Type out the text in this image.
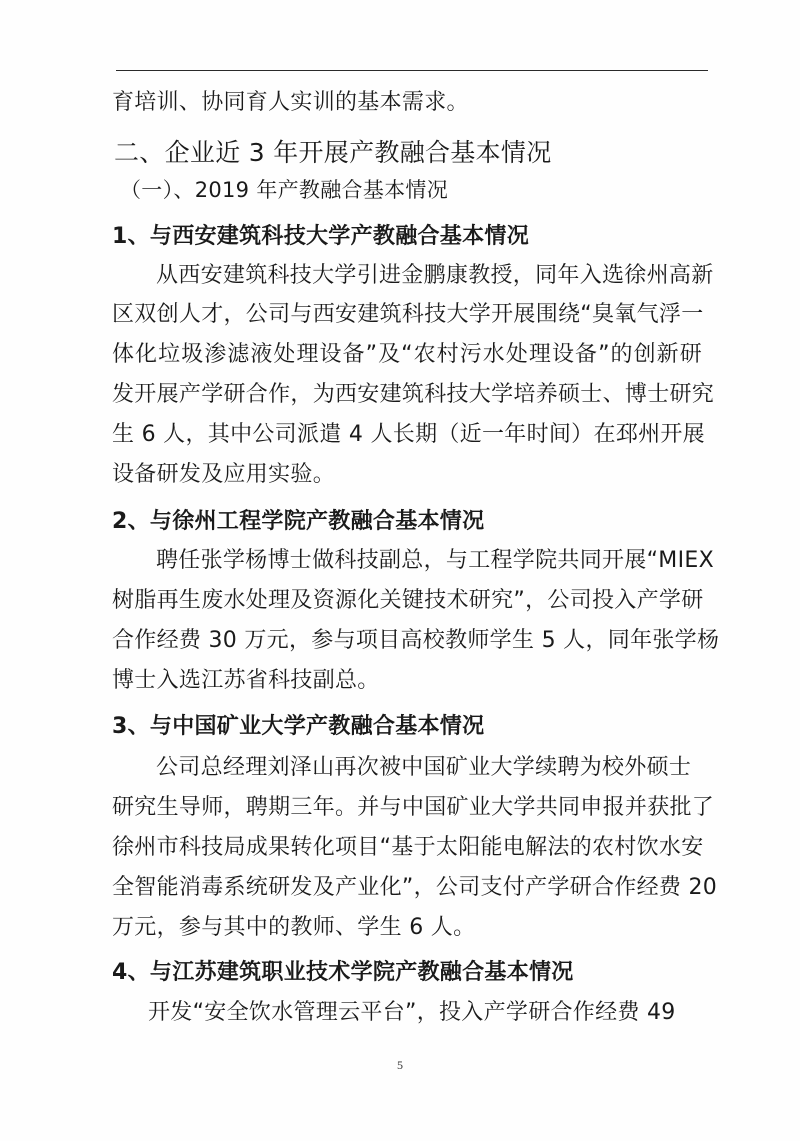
育培训、协同育人实训的基本需求。
二、企业近 3 年开展产教融合基本情况
（一）、2019 年产教融合基本情况
1、与西安建筑科技大学产教融合基本情况
从西安建筑科技大学引进金鹏康教授，同年入选徐州高新
区双创人才，公司与西安建筑科技大学开展围绕“臭氧气浮一
体化垃圾渗滤液处理设备”及“农村污水处理设备”的创新研
发开展产学研合作，为西安建筑科技大学培养硕士、博士研究
生 6 人，其中公司派遣 4 人长期（近一年时间）在邳州开展
设备研发及应用实验。
2、与徐州工程学院产教融合基本情况
聘任张学杨博士做科技副总，与工程学院共同开展“MIEX
树脂再生废水处理及资源化关键技术研究”，公司投入产学研
合作经费 30 万元，参与项目高校教师学生 5 人，同年张学杨
博士入选江苏省科技副总。
3、与中国矿业大学产教融合基本情况
公司总经理刘泽山再次被中国矿业大学续聘为校外硕士
研究生导师，聘期三年。并与中国矿业大学共同申报并获批了
徐州市科技局成果转化项目“基于太阳能电解法的农村饮水安
全智能消毒系统研发及产业化”，公司支付产学研合作经费 20
万元，参与其中的教师、学生 6 人。
4、与江苏建筑职业技术学院产教融合基本情况
开发“安全饮水管理云平台”，投入产学研合作经费 49
5
